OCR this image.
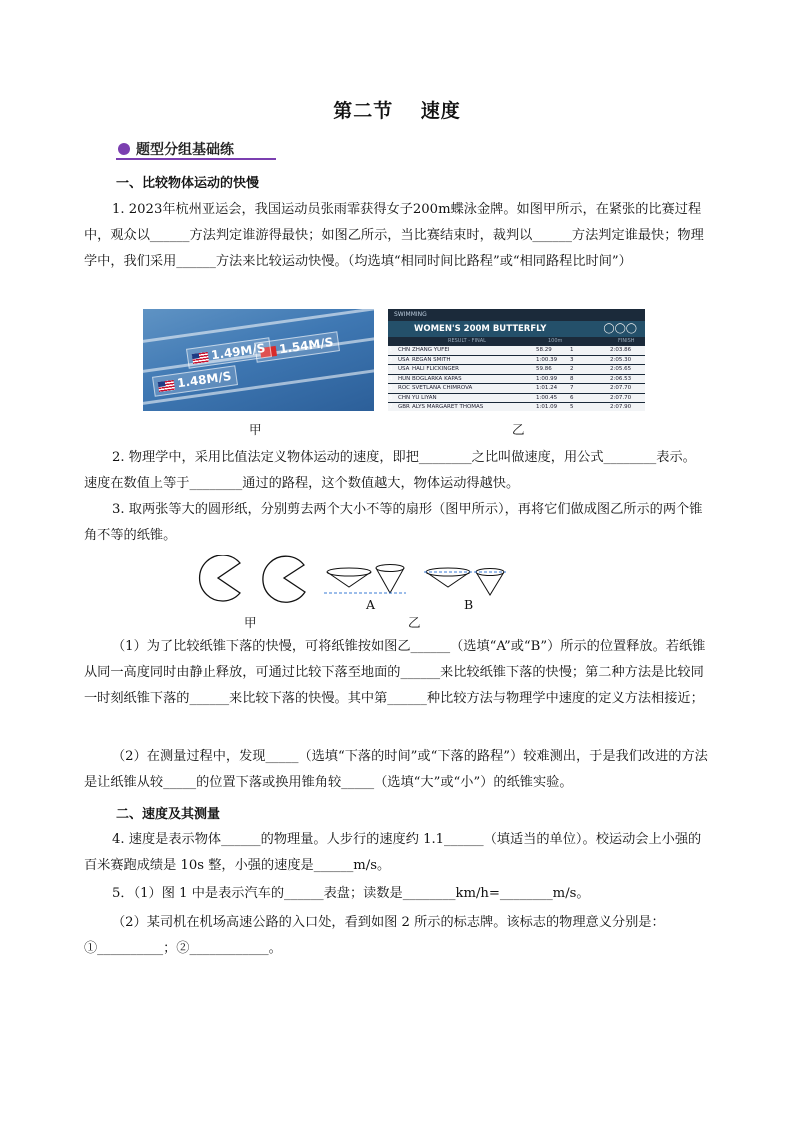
第二节　 速度
题型分组基础练
一、比较物体运动的快慢
1. 2023年杭州亚运会，我国运动员张雨霏获得女子200m蝶泳金牌。如图甲所示，在紧张的比赛过程中，观众以______方法判定谁游得最快；如图乙所示，当比赛结束时，裁判以______方法判定谁最快；物理学中，我们采用______方法来比较运动快慢。（均选填“相同时间比路程”或“相同路程比时间”）
1.54M/S
1.49M/S
1.48M/S
SWIMMING
WOMEN'S 200M BUTTERFLY	◯◯◯
RESULT - FINAL	100m	FINISH
1 CHN ZHANG YUFEI	58.29	1	2:03.86
2 USA REGAN SMITH	1:00.39 3	2:05.30
3 USA HALI FLICKINGER	59.86	2	2:05.65
4 HUN BOGLARKA KAPAS	1:00.99 8	2:06.53
5 ROC SVETLANA CHIMROVA	1:01.24 7	2:07.70
6 CHN YU LIYAN	1:00.45 6	2:07.70
7 GBR ALYS MARGARET THOMAS	1:01.09 5	2:07.90
甲	乙
2. 物理学中，采用比值法定义物体运动的速度，即把________之比叫做速度，用公式________表示。速度在数值上等于________通过的路程，这个数值越大，物体运动得越快。
3. 取两张等大的圆形纸，分别剪去两个大小不等的扇形（图甲所示），再将它们做成图乙所示的两个锥角不等的纸锥。
A	B
甲	乙
（1）为了比较纸锥下落的快慢，可将纸锥按如图乙______（选填“A”或“B”）所示的位置释放。若纸锥从同一高度同时由静止释放，可通过比较下落至地面的______来比较纸锥下落的快慢；第二种方法是比较同一时刻纸锥下落的______来比较下落的快慢。其中第______种比较方法与物理学中速度的定义方法相接近；
（2）在测量过程中，发现_____（选填“下落的时间”或“下落的路程”）较难测出，于是我们改进的方法是让纸锥从较_____的位置下落或换用锥角较_____（选填“大”或“小”）的纸锥实验。
二、速度及其测量
4. 速度是表示物体______的物理量。人步行的速度约 1.1______（填适当的单位）。校运动会上小强的百米赛跑成绩是 10s 整，小强的速度是______m/s。
5．（1）图 1 中是表示汽车的______表盘；读数是________km/h=________m/s。
（2）某司机在机场高速公路的入口处，看到如图 2 所示的标志牌。该标志的物理意义分别是：①__________；②____________。
